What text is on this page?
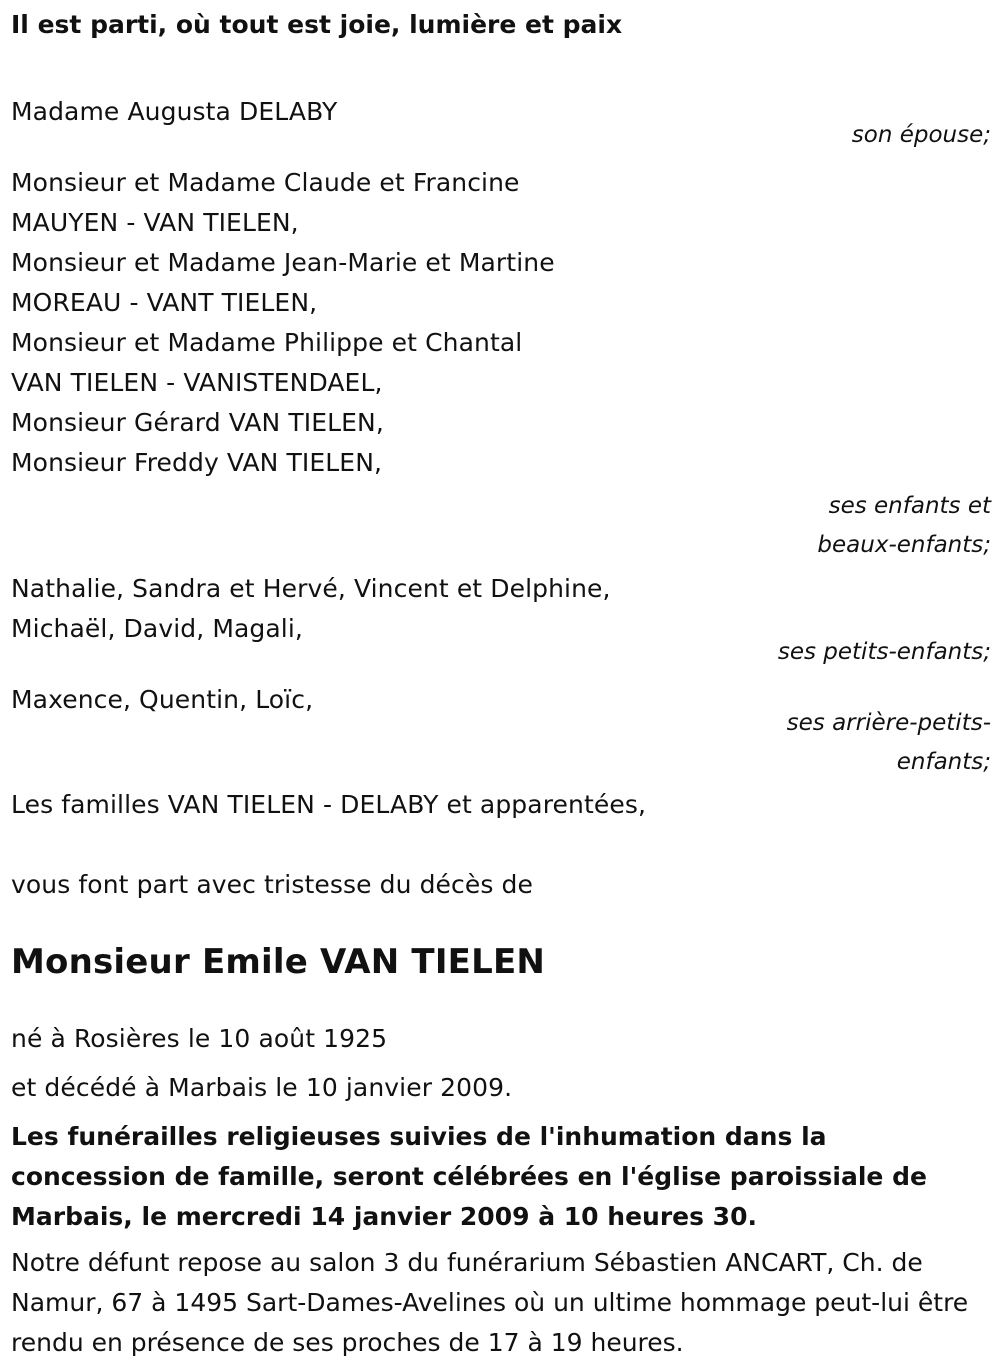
Il est parti, où tout est joie, lumière et paix
Madame Augusta DELABY
son épouse;
Monsieur et Madame Claude et Francine
MAUYEN - VAN TIELEN,
Monsieur et Madame Jean-Marie et Martine
MOREAU - VANT TIELEN,
Monsieur et Madame Philippe et Chantal
VAN TIELEN - VANISTENDAEL,
Monsieur Gérard VAN TIELEN,
Monsieur Freddy VAN TIELEN,
ses enfants et
beaux-enfants;
Nathalie, Sandra et Hervé, Vincent et Delphine,
Michaël, David, Magali,
ses petits-enfants;
Maxence, Quentin, Loïc,
ses arrière-petits-
enfants;
Les familles VAN TIELEN - DELABY et apparentées,
vous font part avec tristesse du décès de
Monsieur Emile VAN TIELEN
né à Rosières le 10 août 1925
et décédé à Marbais le 10 janvier 2009.
Les funérailles religieuses suivies de l'inhumation dans la concession de famille, seront célébrées en l'église paroissiale de Marbais, le mercredi 14 janvier 2009 à 10 heures 30.
Notre défunt repose au salon 3 du funérarium Sébastien ANCART, Ch. de Namur, 67 à 1495 Sart-Dames-Avelines où un ultime hommage peut-lui être rendu en présence de ses proches de 17 à 19 heures.
